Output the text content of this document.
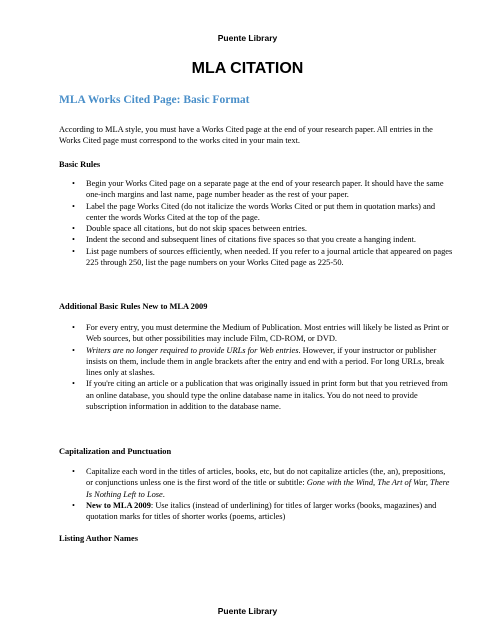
Puente Library
MLA CITATION
MLA Works Cited Page: Basic Format
According to MLA style, you must have a Works Cited page at the end of your research paper. All entries in the Works Cited page must correspond to the works cited in your main text.
Basic Rules
• Begin your Works Cited page on a separate page at the end of your research paper. It should have the same one-inch margins and last name, page number header as the rest of your paper.
• Label the page Works Cited (do not italicize the words Works Cited or put them in quotation marks) and center the words Works Cited at the top of the page.
• Double space all citations, but do not skip spaces between entries.
• Indent the second and subsequent lines of citations five spaces so that you create a hanging indent.
• List page numbers of sources efficiently, when needed. If you refer to a journal article that appeared on pages 225 through 250, list the page numbers on your Works Cited page as 225-50.
Additional Basic Rules New to MLA 2009
• For every entry, you must determine the Medium of Publication. Most entries will likely be listed as Print or Web sources, but other possibilities may include Film, CD-ROM, or DVD.
• Writers are no longer required to provide URLs for Web entries. However, if your instructor or publisher insists on them, include them in angle brackets after the entry and end with a period. For long URLs, break lines only at slashes.
• If you're citing an article or a publication that was originally issued in print form but that you retrieved from an online database, you should type the online database name in italics. You do not need to provide subscription information in addition to the database name.
Capitalization and Punctuation
• Capitalize each word in the titles of articles, books, etc, but do not capitalize articles (the, an), prepositions, or conjunctions unless one is the first word of the title or subtitle: Gone with the Wind, The Art of War, There Is Nothing Left to Lose.
• New to MLA 2009: Use italics (instead of underlining) for titles of larger works (books, magazines) and quotation marks for titles of shorter works (poems, articles)
Listing Author Names
Puente Library
